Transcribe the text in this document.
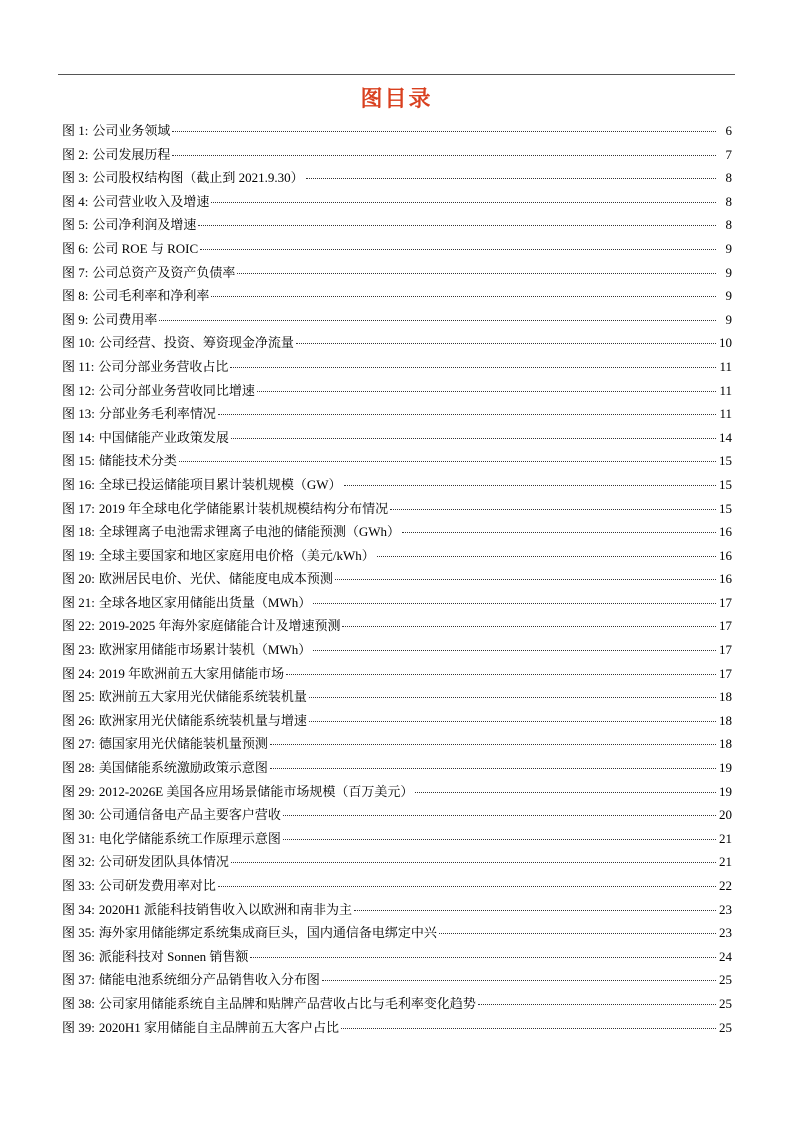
图目录
图 1: 公司业务领域	6
图 2: 公司发展历程	7
图 3: 公司股权结构图（截止到 2021.9.30）	8
图 4: 公司营业收入及增速	8
图 5: 公司净利润及增速	8
图 6: 公司 ROE 与 ROIC	9
图 7: 公司总资产及资产负债率	9
图 8: 公司毛利率和净利率	9
图 9: 公司费用率	9
图 10: 公司经营、投资、筹资现金净流量	10
图 11: 公司分部业务营收占比	11
图 12: 公司分部业务营收同比增速	11
图 13: 分部业务毛利率情况	11
图 14: 中国储能产业政策发展	14
图 15: 储能技术分类	15
图 16: 全球已投运储能项目累计装机规模（GW）	15
图 17: 2019 年全球电化学储能累计装机规模结构分布情况	15
图 18: 全球锂离子电池需求锂离子电池的储能预测（GWh）	16
图 19: 全球主要国家和地区家庭用电价格（美元/kWh）	16
图 20: 欧洲居民电价、光伏、储能度电成本预测	16
图 21: 全球各地区家用储能出货量（MWh）	17
图 22: 2019-2025 年海外家庭储能合计及增速预测	17
图 23: 欧洲家用储能市场累计装机（MWh）	17
图 24: 2019 年欧洲前五大家用储能市场	17
图 25: 欧洲前五大家用光伏储能系统装机量	18
图 26: 欧洲家用光伏储能系统装机量与增速	18
图 27: 德国家用光伏储能装机量预测	18
图 28: 美国储能系统激励政策示意图	19
图 29: 2012-2026E 美国各应用场景储能市场规模（百万美元）	19
图 30: 公司通信备电产品主要客户营收	20
图 31: 电化学储能系统工作原理示意图	21
图 32: 公司研发团队具体情况	21
图 33: 公司研发费用率对比	22
图 34: 2020H1 派能科技销售收入以欧洲和南非为主	23
图 35: 海外家用储能绑定系统集成商巨头，国内通信备电绑定中兴	23
图 36: 派能科技对 Sonnen 销售额	24
图 37: 储能电池系统细分产品销售收入分布图	25
图 38: 公司家用储能系统自主品牌和贴牌产品营收占比与毛利率变化趋势	25
图 39: 2020H1 家用储能自主品牌前五大客户占比	25
